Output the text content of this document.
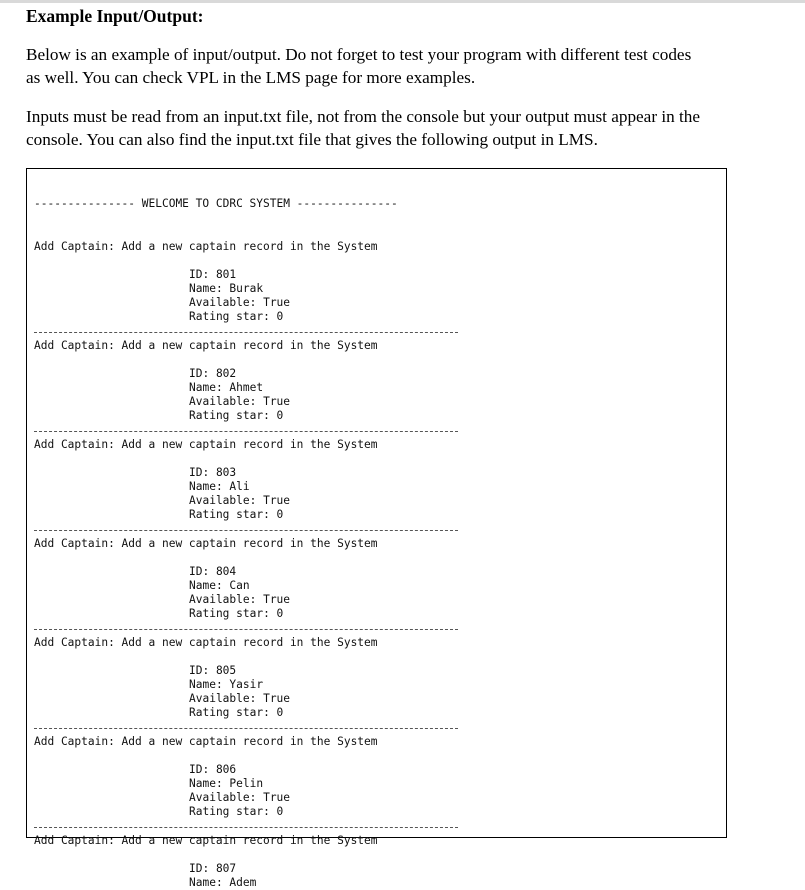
Example Input/Output:
Below is an example of input/output. Do not forget to test your program with different test codes
as well. You can check VPL in the LMS page for more examples.
Inputs must be read from an input.txt file, not from the console but your output must appear in the
console. You can also find the input.txt file that gives the following output in LMS.

--------------- WELCOME TO CDRC SYSTEM ---------------

Add Captain: Add a new captain record in the System
ID: 801
Name: Burak
Available: True
Rating star: 0
Add Captain: Add a new captain record in the System
ID: 802
Name: Ahmet
Available: True
Rating star: 0
Add Captain: Add a new captain record in the System
ID: 803
Name: Ali
Available: True
Rating star: 0
Add Captain: Add a new captain record in the System
ID: 804
Name: Can
Available: True
Rating star: 0
Add Captain: Add a new captain record in the System
ID: 805
Name: Yasir
Available: True
Rating star: 0
Add Captain: Add a new captain record in the System
ID: 806
Name: Pelin
Available: True
Rating star: 0
Add Captain: Add a new captain record in the System
ID: 807
Name: Adem
